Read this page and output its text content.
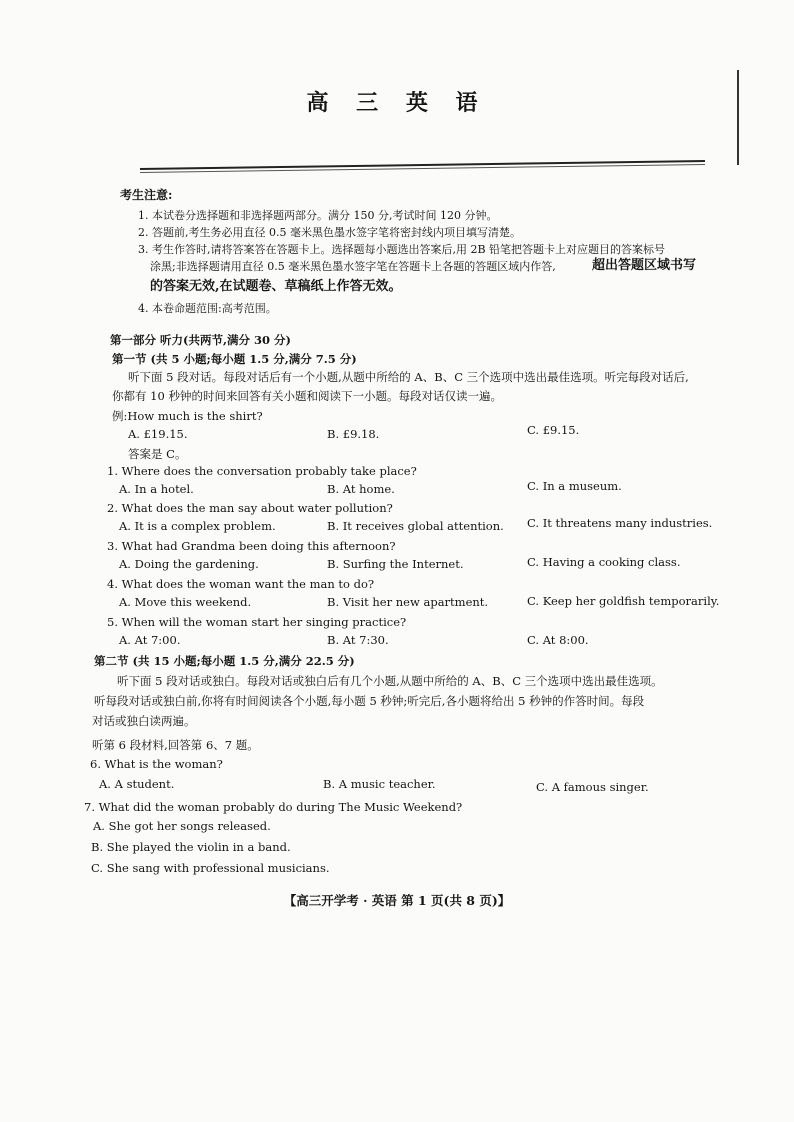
高 三 英 语
考生注意:
1. 本试卷分选择题和非选择题两部分。满分 150 分,考试时间 120 分钟。
2. 答题前,考生务必用直径 0.5 毫米黑色墨水签字笔将密封线内项目填写清楚。
3. 考生作答时,请将答案答在答题卡上。选择题每小题选出答案后,用 2B 铅笔把答题卡上对应题目的答案标号
涂黑;非选择题请用直径 0.5 毫米黑色墨水签字笔在答题卡上各题的答题区域内作答,	超出答题区域书写
的答案无效,在试题卷、草稿纸上作答无效。
4. 本卷命题范围:高考范围。
第一部分 听力(共两节,满分 30 分)
第一节 (共 5 小题;每小题 1.5 分,满分 7.5 分)
听下面 5 段对话。每段对话后有一个小题,从题中所给的 A、B、C 三个选项中选出最佳选项。听完每段对话后,
你都有 10 秒钟的时间来回答有关小题和阅读下一小题。每段对话仅读一遍。
例:How much is the shirt?
A. £19.15.	B. £9.18.	C. £9.15.
答案是 C。
1. Where does the conversation probably take place?
A. In a hotel.	B. At home.	C. In a museum.
2. What does the man say about water pollution?
A. It is a complex problem.	B. It receives global attention. C. It threatens many industries.
3. What had Grandma been doing this afternoon?
A. Doing the gardening.	B. Surfing the Internet.	C. Having a cooking class.
4. What does the woman want the man to do?
A. Move this weekend.	B. Visit her new apartment.	C. Keep her goldfish temporarily.
5. When will the woman start her singing practice?
A. At 7:00.	B. At 7:30.	C. At 8:00.
第二节 (共 15 小题;每小题 1.5 分,满分 22.5 分)
听下面 5 段对话或独白。每段对话或独白后有几个小题,从题中所给的 A、B、C 三个选项中选出最佳选项。
听每段对话或独白前,你将有时间阅读各个小题,每小题 5 秒钟;听完后,各小题将给出 5 秒钟的作答时间。每段
对话或独白读两遍。
听第 6 段材料,回答第 6、7 题。
6. What is the woman?
A. A student.	B. A music teacher.	C. A famous singer.
7. What did the woman probably do during The Music Weekend?
A. She got her songs released.
B. She played the violin in a band.
C. She sang with professional musicians.
【高三开学考 · 英语 第 1 页(共 8 页)】
